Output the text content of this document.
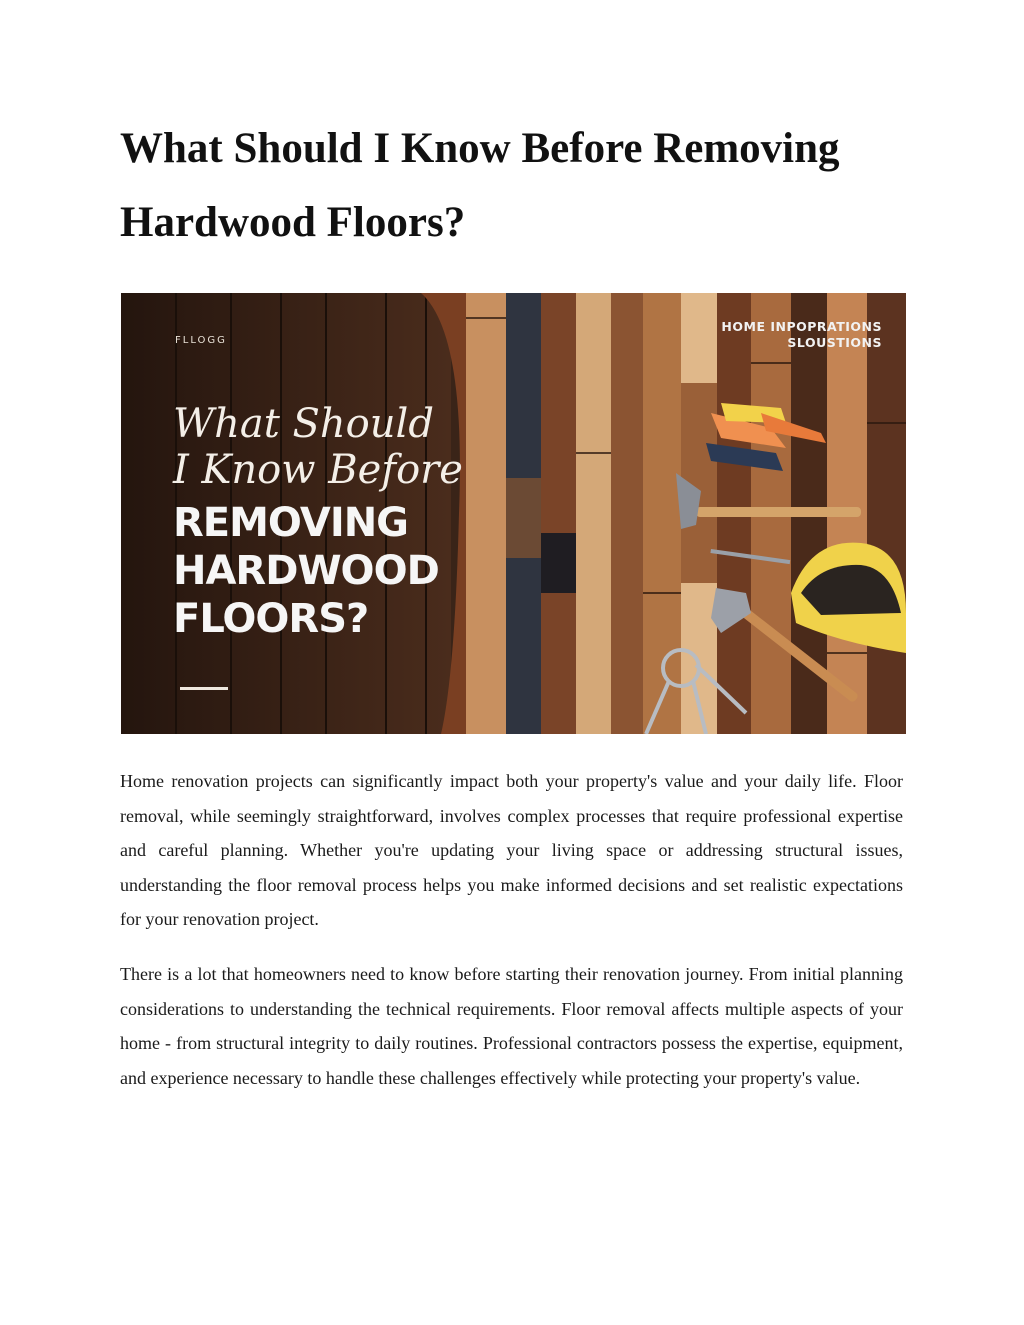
What Should I Know Before Removing Hardwood Floors?
FLLOGG
HOME INPOPRATIONS
SLOUSTIONS
What Should
I Know Before
REMOVING
HARDWOOD
FLOORS?

Home renovation projects can significantly impact both your property's value and your daily life. Floor removal, while seemingly straightforward, involves complex processes that require professional expertise and careful planning. Whether you're updating your living space or addressing structural issues, understanding the floor removal process helps you make informed decisions and set realistic expectations for your renovation project.

There is a lot that homeowners need to know before starting their renovation journey. From initial planning considerations to understanding the technical requirements. Floor removal affects multiple aspects of your home - from structural integrity to daily routines. Professional contractors possess the expertise, equipment, and experience necessary to handle these challenges effectively while protecting your property's value.
